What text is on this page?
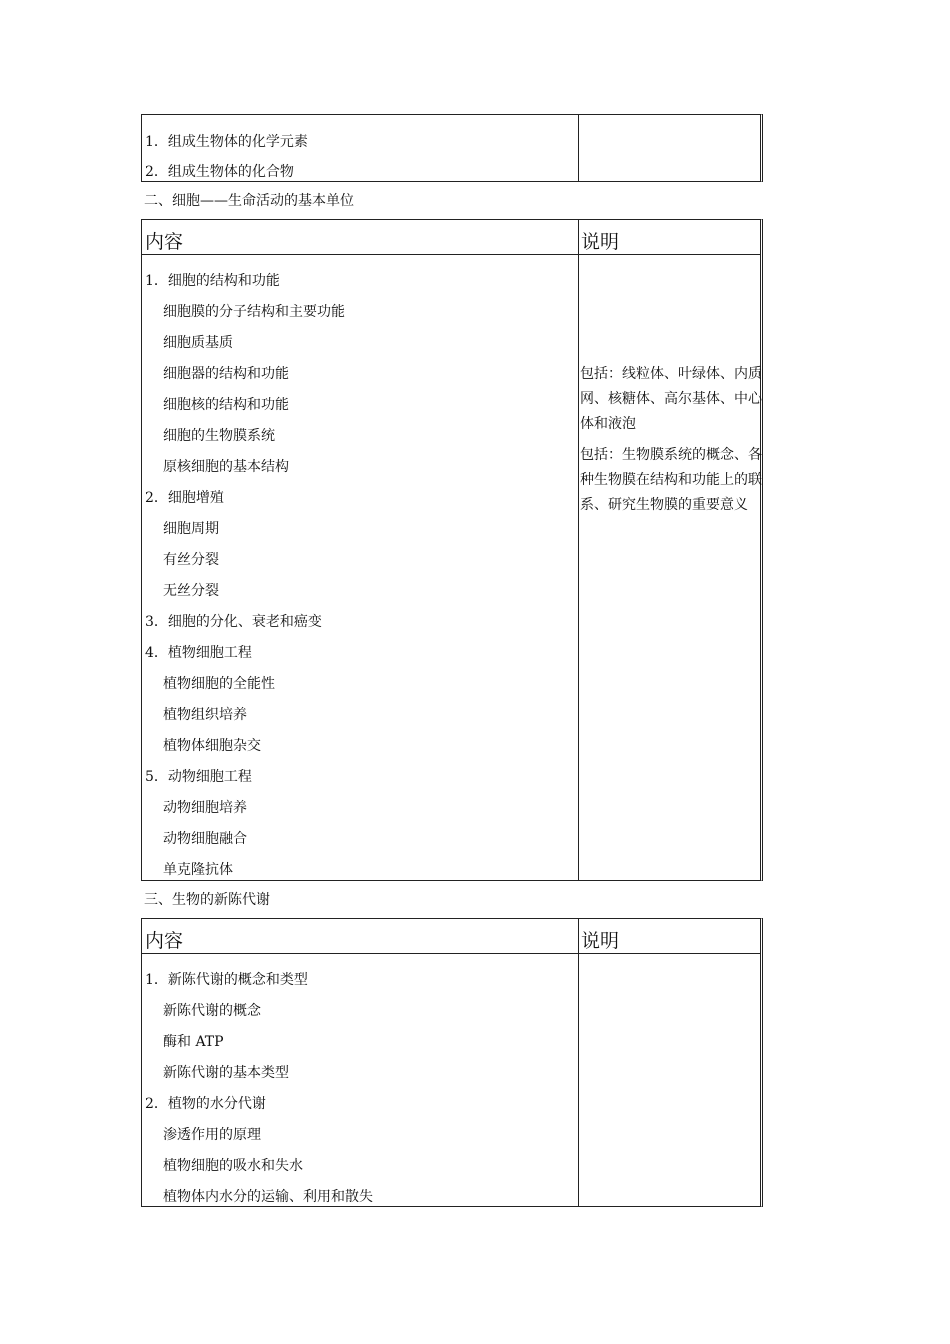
1．组成生物体的化学元素
2．组成生物体的化合物
二、细胞——生命活动的基本单位
内容	说明
1．细胞的结构和功能
细胞膜的分子结构和主要功能
细胞质基质
细胞器的结构和功能
细胞核的结构和功能
细胞的生物膜系统
原核细胞的基本结构
2．细胞增殖
细胞周期
有丝分裂
无丝分裂
3．细胞的分化、衰老和癌变
4．植物细胞工程
植物细胞的全能性
植物组织培养
植物体细胞杂交
5．动物细胞工程
动物细胞培养
动物细胞融合
单克隆抗体
包括：线粒体、叶绿体、内质网、核糖体、高尔基体、中心体和液泡
包括：生物膜系统的概念、各种生物膜在结构和功能上的联系、研究生物膜的重要意义
三、生物的新陈代谢
内容	说明
1．新陈代谢的概念和类型
新陈代谢的概念
酶和 ATP
新陈代谢的基本类型
2．植物的水分代谢
渗透作用的原理
植物细胞的吸水和失水
植物体内水分的运输、利用和散失
